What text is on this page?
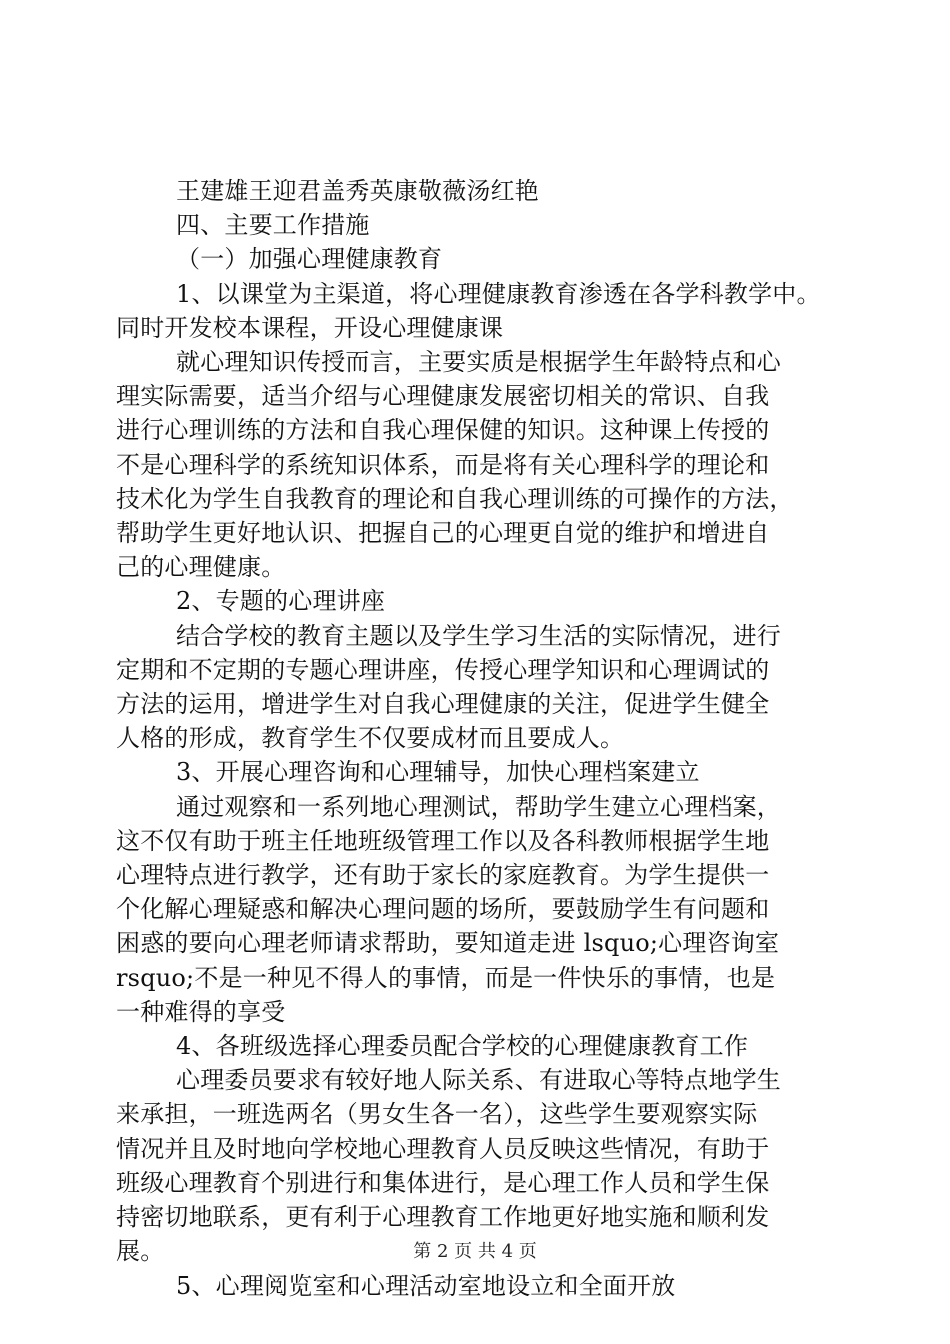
王建雄王迎君盖秀英康敬薇汤红艳
四、主要工作措施
（一）加强心理健康教育
1、以课堂为主渠道，将心理健康教育渗透在各学科教学中。
同时开发校本课程，开设心理健康课
就心理知识传授而言，主要实质是根据学生年龄特点和心
理实际需要，适当介绍与心理健康发展密切相关的常识、自我
进行心理训练的方法和自我心理保健的知识。这种课上传授的
不是心理科学的系统知识体系，而是将有关心理科学的理论和
技术化为学生自我教育的理论和自我心理训练的可操作的方法，
帮助学生更好地认识、把握自己的心理更自觉的维护和增进自
己的心理健康。
2、专题的心理讲座
结合学校的教育主题以及学生学习生活的实际情况，进行
定期和不定期的专题心理讲座，传授心理学知识和心理调试的
方法的运用，增进学生对自我心理健康的关注，促进学生健全
人格的形成，教育学生不仅要成材而且要成人。
3、开展心理咨询和心理辅导，加快心理档案建立
通过观察和一系列地心理测试，帮助学生建立心理档案，
这不仅有助于班主任地班级管理工作以及各科教师根据学生地
心理特点进行教学，还有助于家长的家庭教育。为学生提供一
个化解心理疑惑和解决心理问题的场所，要鼓励学生有问题和
困惑的要向心理老师请求帮助，要知道走进 lsquo;心理咨询室
rsquo;不是一种见不得人的事情，而是一件快乐的事情，也是
一种难得的享受
4、各班级选择心理委员配合学校的心理健康教育工作
心理委员要求有较好地人际关系、有进取心等特点地学生
来承担，一班选两名（男女生各一名），这些学生要观察实际
情况并且及时地向学校地心理教育人员反映这些情况，有助于
班级心理教育个别进行和集体进行，是心理工作人员和学生保
持密切地联系，更有利于心理教育工作地更好地实施和顺利发
展。
5、心理阅览室和心理活动室地设立和全面开放
第 2 页 共 4 页
